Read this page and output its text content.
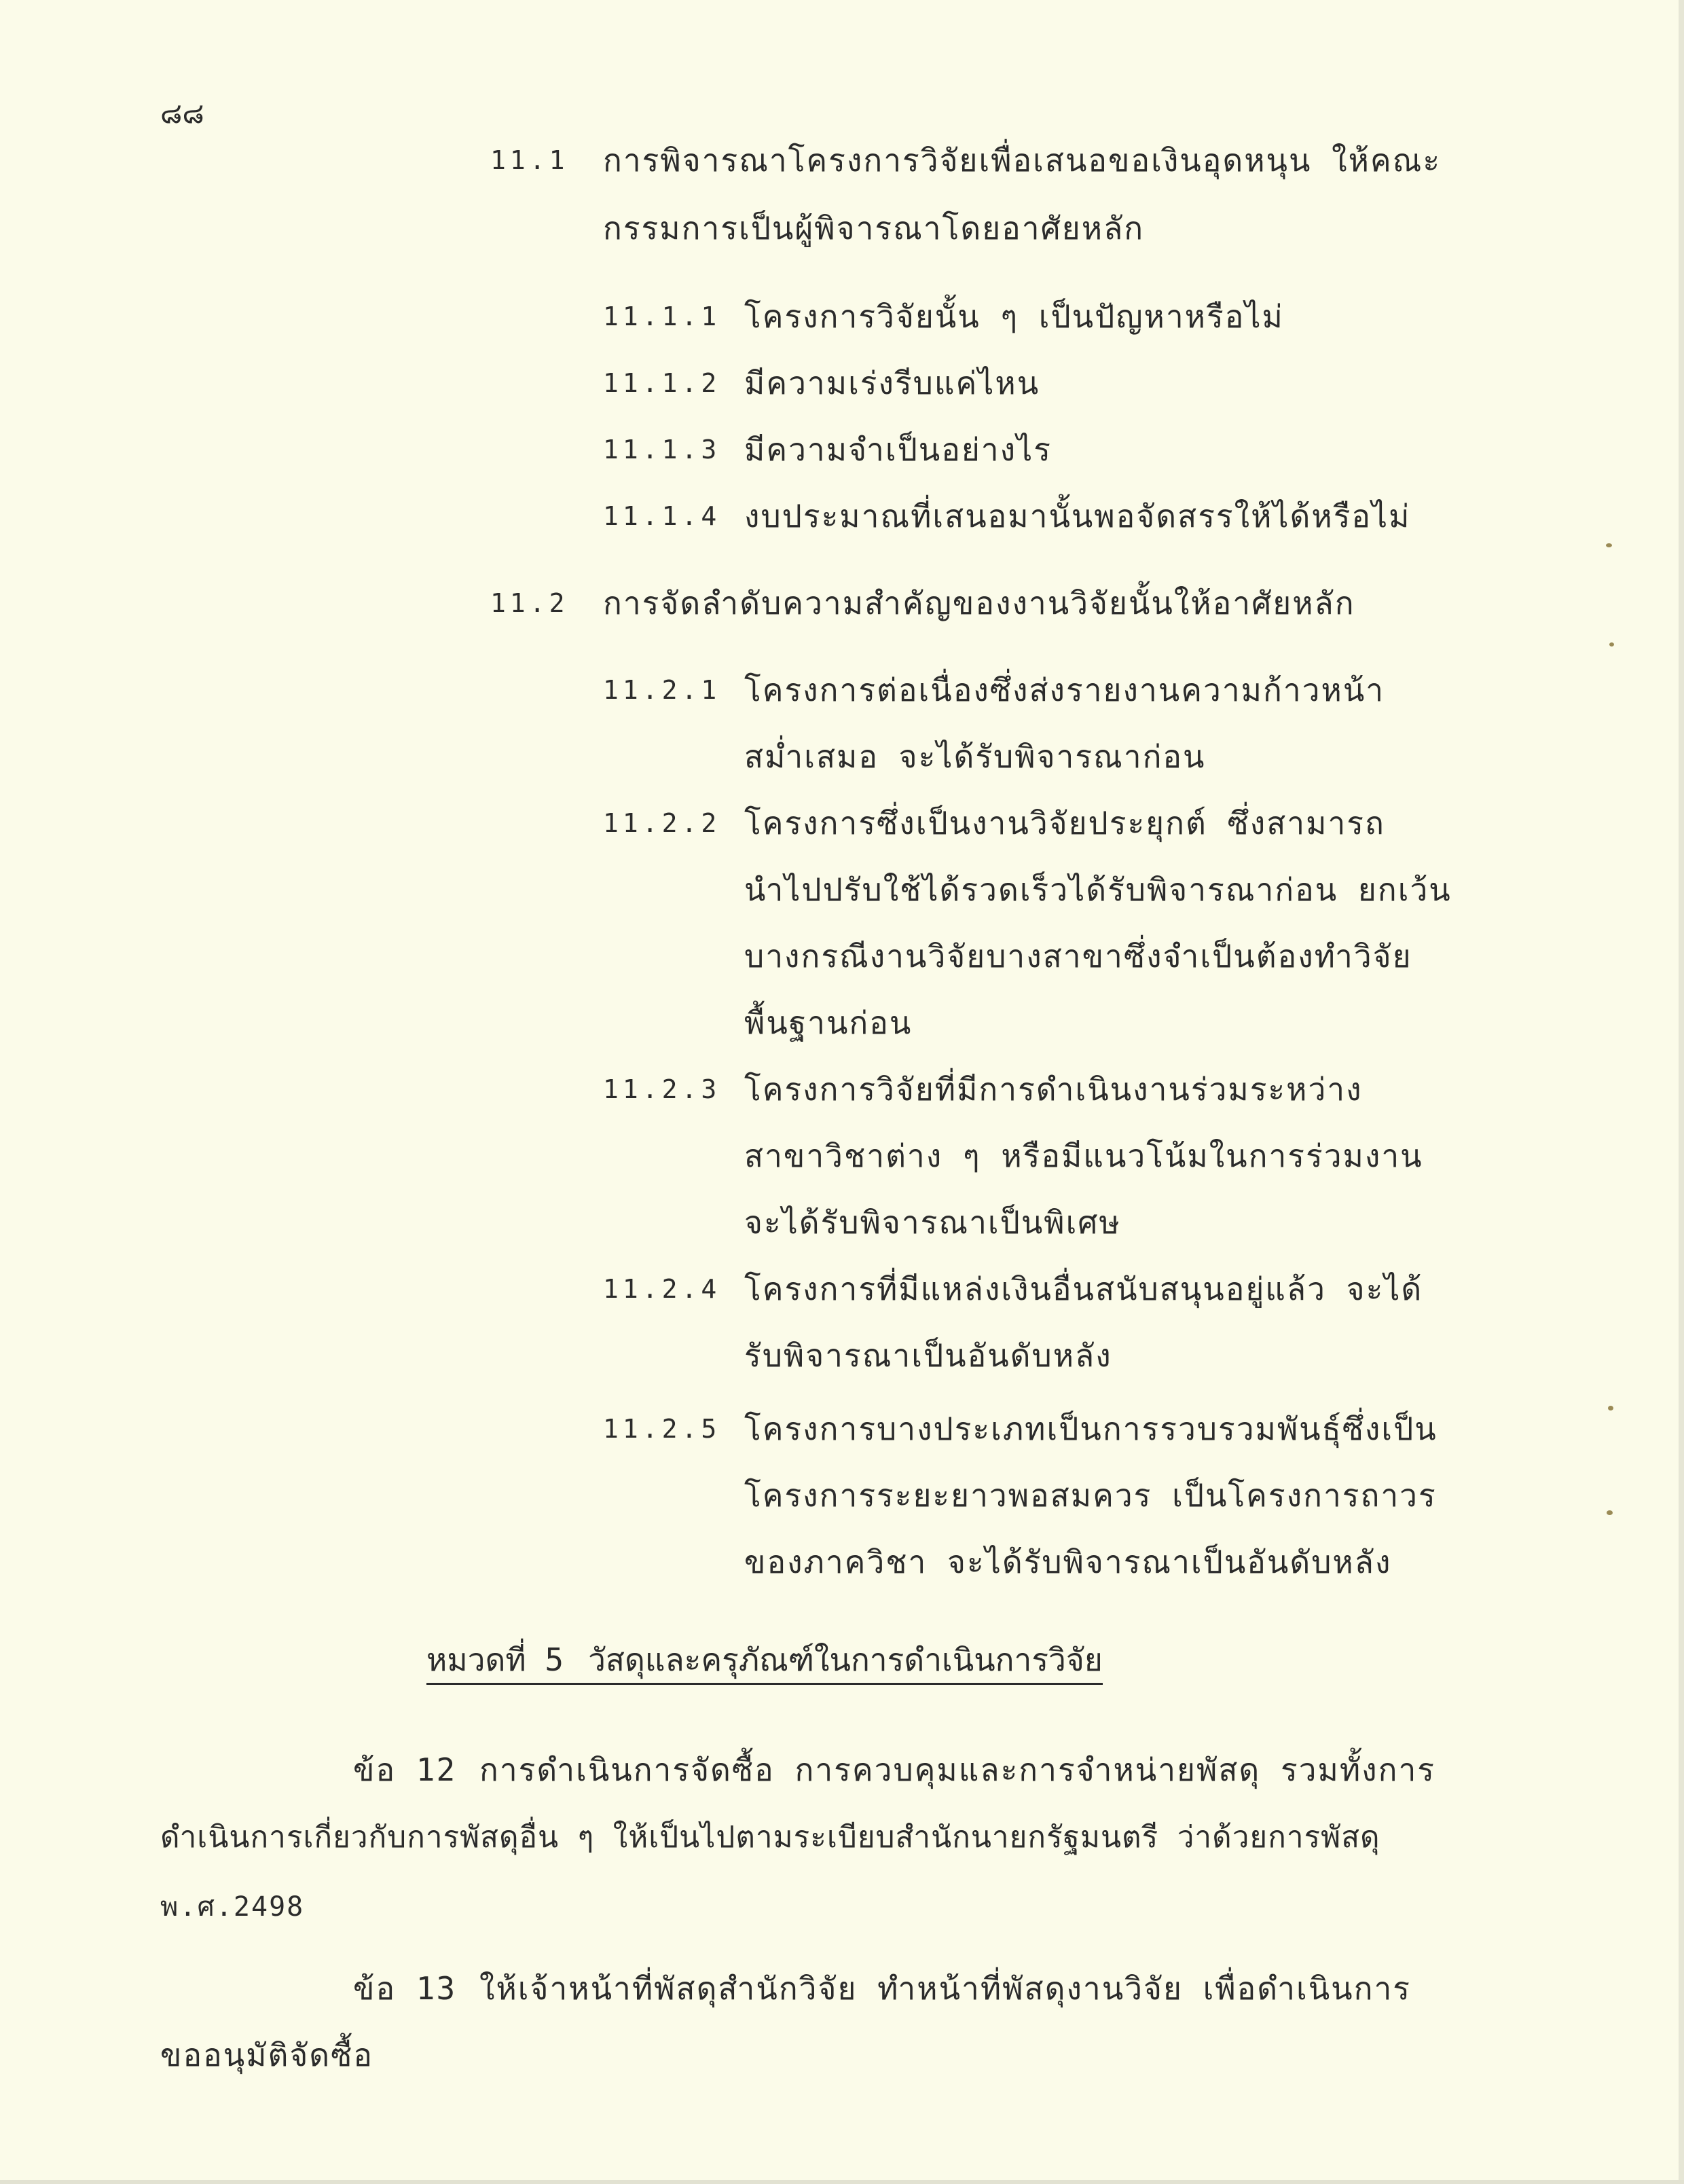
๘๘
11.1 การพิจารณาโครงการวิจัยเพื่อเสนอขอเงินอุดหนุน ให้คณะ
กรรมการเป็นผู้พิจารณาโดยอาศัยหลัก
11.1.1 โครงการวิจัยนั้น ๆ เป็นปัญหาหรือไม่
11.1.2 มีความเร่งรีบแค่ไหน
11.1.3 มีความจำเป็นอย่างไร
11.1.4 งบประมาณที่เสนอมานั้นพอจัดสรรให้ได้หรือไม่
11.2 การจัดลำดับความสำคัญของงานวิจัยนั้นให้อาศัยหลัก
11.2.1 โครงการต่อเนื่องซึ่งส่งรายงานความก้าวหน้า
สม่ำเสมอ จะได้รับพิจารณาก่อน
11.2.2 โครงการซึ่งเป็นงานวิจัยประยุกต์ ซึ่งสามารถ
นำไปปรับใช้ได้รวดเร็วได้รับพิจารณาก่อน ยกเว้น
บางกรณีงานวิจัยบางสาขาซึ่งจำเป็นต้องทำวิจัย
พื้นฐานก่อน
11.2.3 โครงการวิจัยที่มีการดำเนินงานร่วมระหว่าง
สาขาวิชาต่าง ๆ หรือมีแนวโน้มในการร่วมงาน
จะได้รับพิจารณาเป็นพิเศษ
11.2.4 โครงการที่มีแหล่งเงินอื่นสนับสนุนอยู่แล้ว จะได้
รับพิจารณาเป็นอันดับหลัง
11.2.5 โครงการบางประเภทเป็นการรวบรวมพันธุ์ซึ่งเป็น
โครงการระยะยาวพอสมควร เป็นโครงการถาวร
ของภาควิชา จะได้รับพิจารณาเป็นอันดับหลัง
หมวดที่ 5 วัสดุและครุภัณฑ์ในการดำเนินการวิจัย
ข้อ 12 การดำเนินการจัดซื้อ การควบคุมและการจำหน่ายพัสดุ รวมทั้งการ
ดำเนินการเกี่ยวกับการพัสดุอื่น ๆ ให้เป็นไปตามระเบียบสำนักนายกรัฐมนตรี ว่าด้วยการพัสดุ
พ.ศ.2498
ข้อ 13 ให้เจ้าหน้าที่พัสดุสำนักวิจัย ทำหน้าที่พัสดุงานวิจัย เพื่อดำเนินการ
ขออนุมัติจัดซื้อ
